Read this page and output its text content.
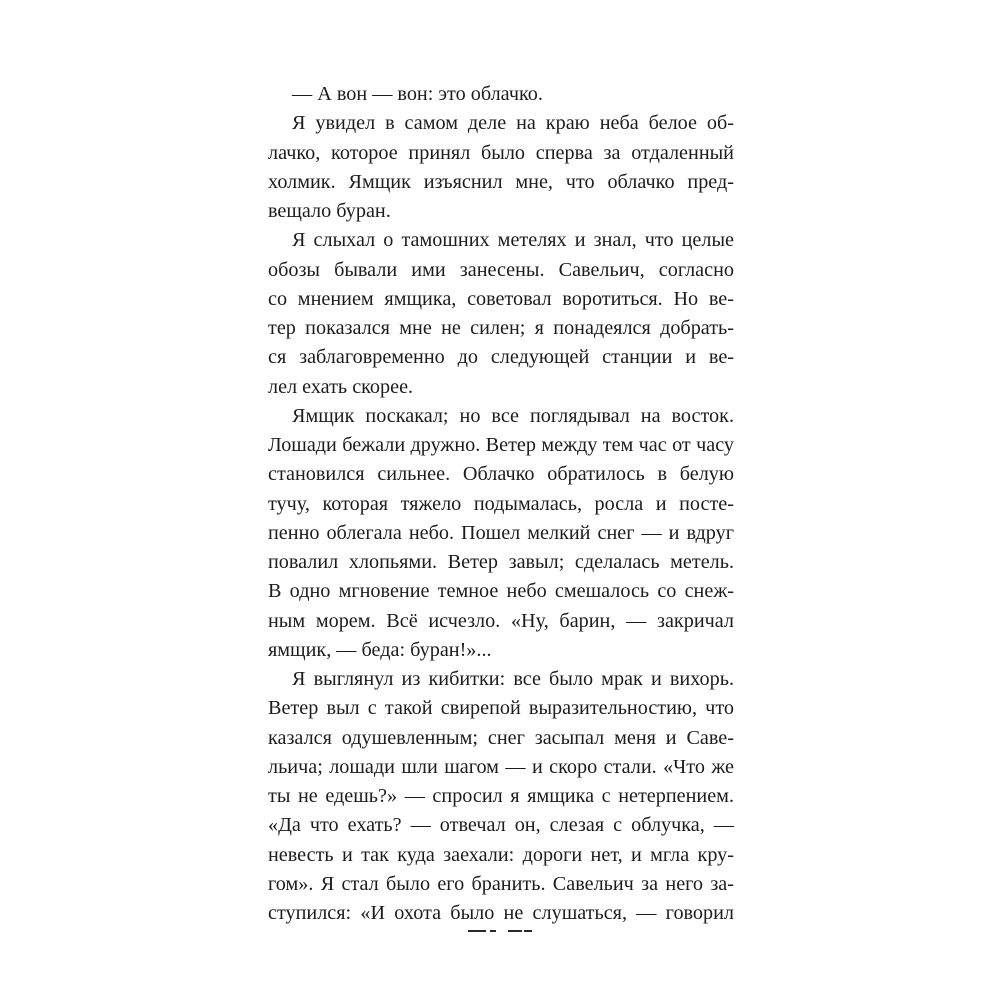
— А вон — вон: это облачко.
Я увидел в самом деле на краю неба белое об-
лачко, которое принял было сперва за отдаленный
холмик. Ямщик изъяснил мне, что облачко пред-
вещало буран.
Я слыхал о тамошних метелях и знал, что целые
обозы бывали ими занесены. Савельич, согласно
со мнением ямщика, советовал воротиться. Но ве-
тер показался мне не силен; я понадеялся добрать-
ся заблаговременно до следующей станции и ве-
лел ехать скорее.
Ямщик поскакал; но все поглядывал на восток.
Лошади бежали дружно. Ветер между тем час от часу
становился сильнее. Облачко обратилось в белую
тучу, которая тяжело подымалась, росла и посте-
пенно облегала небо. Пошел мелкий снег — и вдруг
повалил хлопьями. Ветер завыл; сделалась метель.
В одно мгновение темное небо смешалось со снеж-
ным морем. Всё исчезло. «Ну, барин, — закричал
ямщик, — беда: буран!»...
Я выглянул из кибитки: все было мрак и вихорь.
Ветер выл с такой свирепой выразительностию, что
казался одушевленным; снег засыпал меня и Саве-
льича; лошади шли шагом — и скоро стали. «Что же
ты не едешь?» — спросил я ямщика с нетерпением.
«Да что ехать? — отвечал он, слезая с облучка, —
невесть и так куда заехали: дороги нет, и мгла кру-
гом». Я стал было его бранить. Савельич за него за-
ступился: «И охота было не слушаться, — говорил
